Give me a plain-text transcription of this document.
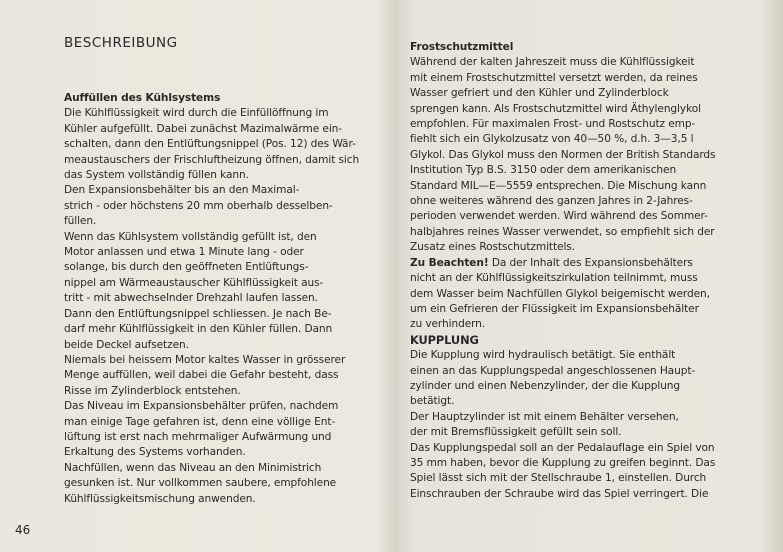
BESCHREIBUNG

Auffüllen des Kühlsystems

Die Kühlflüssigkeit wird durch die Einfüllöffnung im
Kühler aufgefüllt. Dabei zunächst Mazimalwärme ein-
schalten, dann den Entlüftungsnippel (Pos. 12) des Wär-
meaustauschers der Frischluftheizung öffnen, damit sich
das System vollständig füllen kann.

Den Expansionsbehälter bis an den Maximal-
strich - oder höchstens 20 mm oberhalb desselben-
füllen.

Wenn das Kühlsystem vollständig gefüllt ist, den
Motor anlassen und etwa 1 Minute lang - oder
solange, bis durch den geöffneten Entlüftungs-
nippel am Wärmeaustauscher Kühlflüssigkeit aus-
tritt - mit abwechselnder Drehzahl laufen lassen.

Dann den Entlüftungsnippel schliessen. Je nach Be-
darf mehr Kühlflüssigkeit in den Kühler füllen. Dann
beide Deckel aufsetzen.

Niemals bei heissem Motor kaltes Wasser in grösserer
Menge auffüllen, weil dabei die Gefahr besteht, dass
Risse im Zylinderblock entstehen.

Das Niveau im Expansionsbehälter prüfen, nachdem
man einige Tage gefahren ist, denn eine völlige Ent-
lüftung ist erst nach mehrmaliger Aufwärmung und
Erkaltung des Systems vorhanden.

Nachfüllen, wenn das Niveau an den Minimistrich
gesunken ist. Nur vollkommen saubere, empfohlene
Kühlflüssigkeitsmischung anwenden.

Frostschutzmittel

Während der kalten Jahreszeit muss die Kühlflüssigkeit
mit einem Frostschutzmittel versetzt werden, da reines
Wasser gefriert und den Kühler und Zylinderblock
sprengen kann. Als Frostschutzmittel wird Äthylenglykol
empfohlen. Für maximalen Frost- und Rostschutz emp-
fiehlt sich ein Glykolzusatz von 40—50 %, d.h. 3—3,5 l
Glykol. Das Glykol muss den Normen der British Standards
Institution Typ B.S. 3150 oder dem amerikanischen
Standard MIL—E—5559 entsprechen. Die Mischung kann
ohne weiteres während des ganzen Jahres in 2-Jahres-
perioden verwendet werden. Wird während des Sommer-
halbjahres reines Wasser verwendet, so empfiehlt sich der
Zusatz eines Rostschutzmittels.
Zu Beachten! Da der Inhalt des Expansionsbehälters
nicht an der Kühlflüssigkeitszirkulation teilnimmt, muss
dem Wasser beim Nachfüllen Glykol beigemischt werden,
um ein Gefrieren der Flüssigkeit im Expansionsbehälter
zu verhindern.

KUPPLUNG

Die Kupplung wird hydraulisch betätigt. Sie enthält
einen an das Kupplungspedal angeschlossenen Haupt-
zylinder und einen Nebenzylinder, der die Kupplung
betätigt.

Der Hauptzylinder ist mit einem Behälter versehen,
der mit Bremsflüssigkeit gefüllt sein soll.

Das Kupplungspedal soll an der Pedalauflage ein Spiel von
35 mm haben, bevor die Kupplung zu greifen beginnt. Das
Spiel lässt sich mit der Stellschraube 1, einstellen. Durch
Einschrauben der Schraube wird das Spiel verringert. Die

46
